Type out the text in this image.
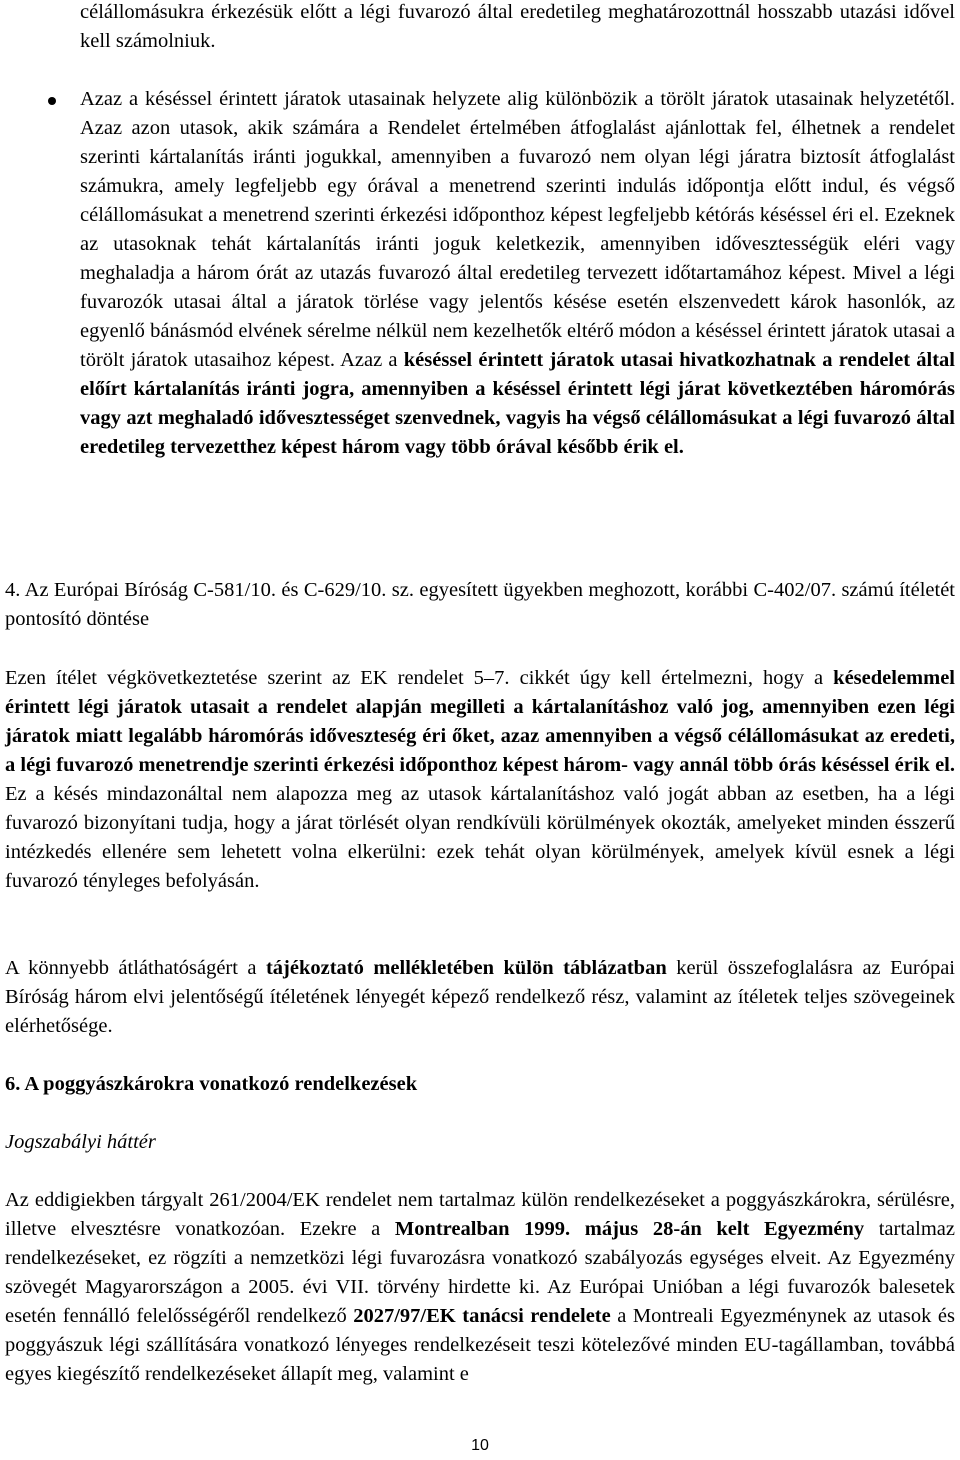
célállomásukra érkezésük előtt a légi fuvarozó által eredetileg meghatározottnál hosszabb utazási idővel kell számolniuk.

Azaz a késéssel érintett járatok utasainak helyzete alig különbözik a törölt járatok utasainak helyzetétől. Azaz azon utasok, akik számára a Rendelet értelmében átfoglalást ajánlottak fel, élhetnek a rendelet szerinti kártalanítás iránti jogukkal, amennyiben a fuvarozó nem olyan légi járatra biztosít átfoglalást számukra, amely legfeljebb egy órával a menetrend szerinti indulás időpontja előtt indul, és végső célállomásukat a menetrend szerinti érkezési időponthoz képest legfeljebb kétórás késéssel éri el. Ezeknek az utasoknak tehát kártalanítás iránti joguk keletkezik, amennyiben idővesztességük eléri vagy meghaladja a három órát az utazás fuvarozó által eredetileg tervezett időtartamához képest. Mivel a légi fuvarozók utasai által a járatok törlése vagy jelentős késése esetén elszenvedett károk hasonlók, az egyenlő bánásmód elvének sérelme nélkül nem kezelhetők eltérő módon a késéssel érintett járatok utasai a törölt járatok utasaihoz képest. Azaz a késéssel érintett járatok utasai hivatkozhatnak a rendelet által előírt kártalanítás iránti jogra, amennyiben a késéssel érintett légi járat következtében háromórás vagy azt meghaladó idővesztességet szenvednek, vagyis ha végső célállomásukat a légi fuvarozó által eredetileg tervezetthez képest három vagy több órával később érik el.

4. Az Európai Bíróság C-581/10. és C-629/10. sz. egyesített ügyekben meghozott, korábbi C-402/07. számú ítéletét pontosító döntése

Ezen ítélet végkövetkeztetése szerint az EK rendelet 5–7. cikkét úgy kell értelmezni, hogy a késedelemmel érintett légi járatok utasait a rendelet alapján megilleti a kártalanításhoz való jog, amennyiben ezen légi járatok miatt legalább háromórás időveszteség éri őket, azaz amennyiben a végső célállomásukat az eredeti, a légi fuvarozó menetrendje szerinti érkezési időponthoz képest három- vagy annál több órás késéssel érik el. Ez a késés mindazonáltal nem alapozza meg az utasok kártalanításhoz való jogát abban az esetben, ha a légi fuvarozó bizonyítani tudja, hogy a járat törlését olyan rendkívüli körülmények okozták, amelyeket minden ésszerű intézkedés ellenére sem lehetett volna elkerülni: ezek tehát olyan körülmények, amelyek kívül esnek a légi fuvarozó tényleges befolyásán.

A könnyebb átláthatóságért a tájékoztató mellékletében külön táblázatban kerül összefoglalásra az Európai Bíróság három elvi jelentőségű ítéletének lényegét képező rendelkező rész, valamint az ítéletek teljes szövegeinek elérhetősége.

6. A poggyászkárokra vonatkozó rendelkezések

Jogszabályi háttér

Az eddigiekben tárgyalt 261/2004/EK rendelet nem tartalmaz külön rendelkezéseket a poggyászkárokra, sérülésre, illetve elvesztésre vonatkozóan. Ezekre a Montrealban 1999. május 28-án kelt Egyezmény tartalmaz rendelkezéseket, ez rögzíti a nemzetközi légi fuvarozásra vonatkozó szabályozás egységes elveit. Az Egyezmény szövegét Magyarországon a 2005. évi VII. törvény hirdette ki. Az Európai Unióban a légi fuvarozók balesetek esetén fennálló felelősségéről rendelkező 2027/97/EK tanácsi rendelete a Montreali Egyezménynek az utasok és poggyászuk légi szállítására vonatkozó lényeges rendelkezéseit teszi kötelezővé minden EU-tagállamban, továbbá egyes kiegészítő rendelkezéseket állapít meg, valamint e

10
